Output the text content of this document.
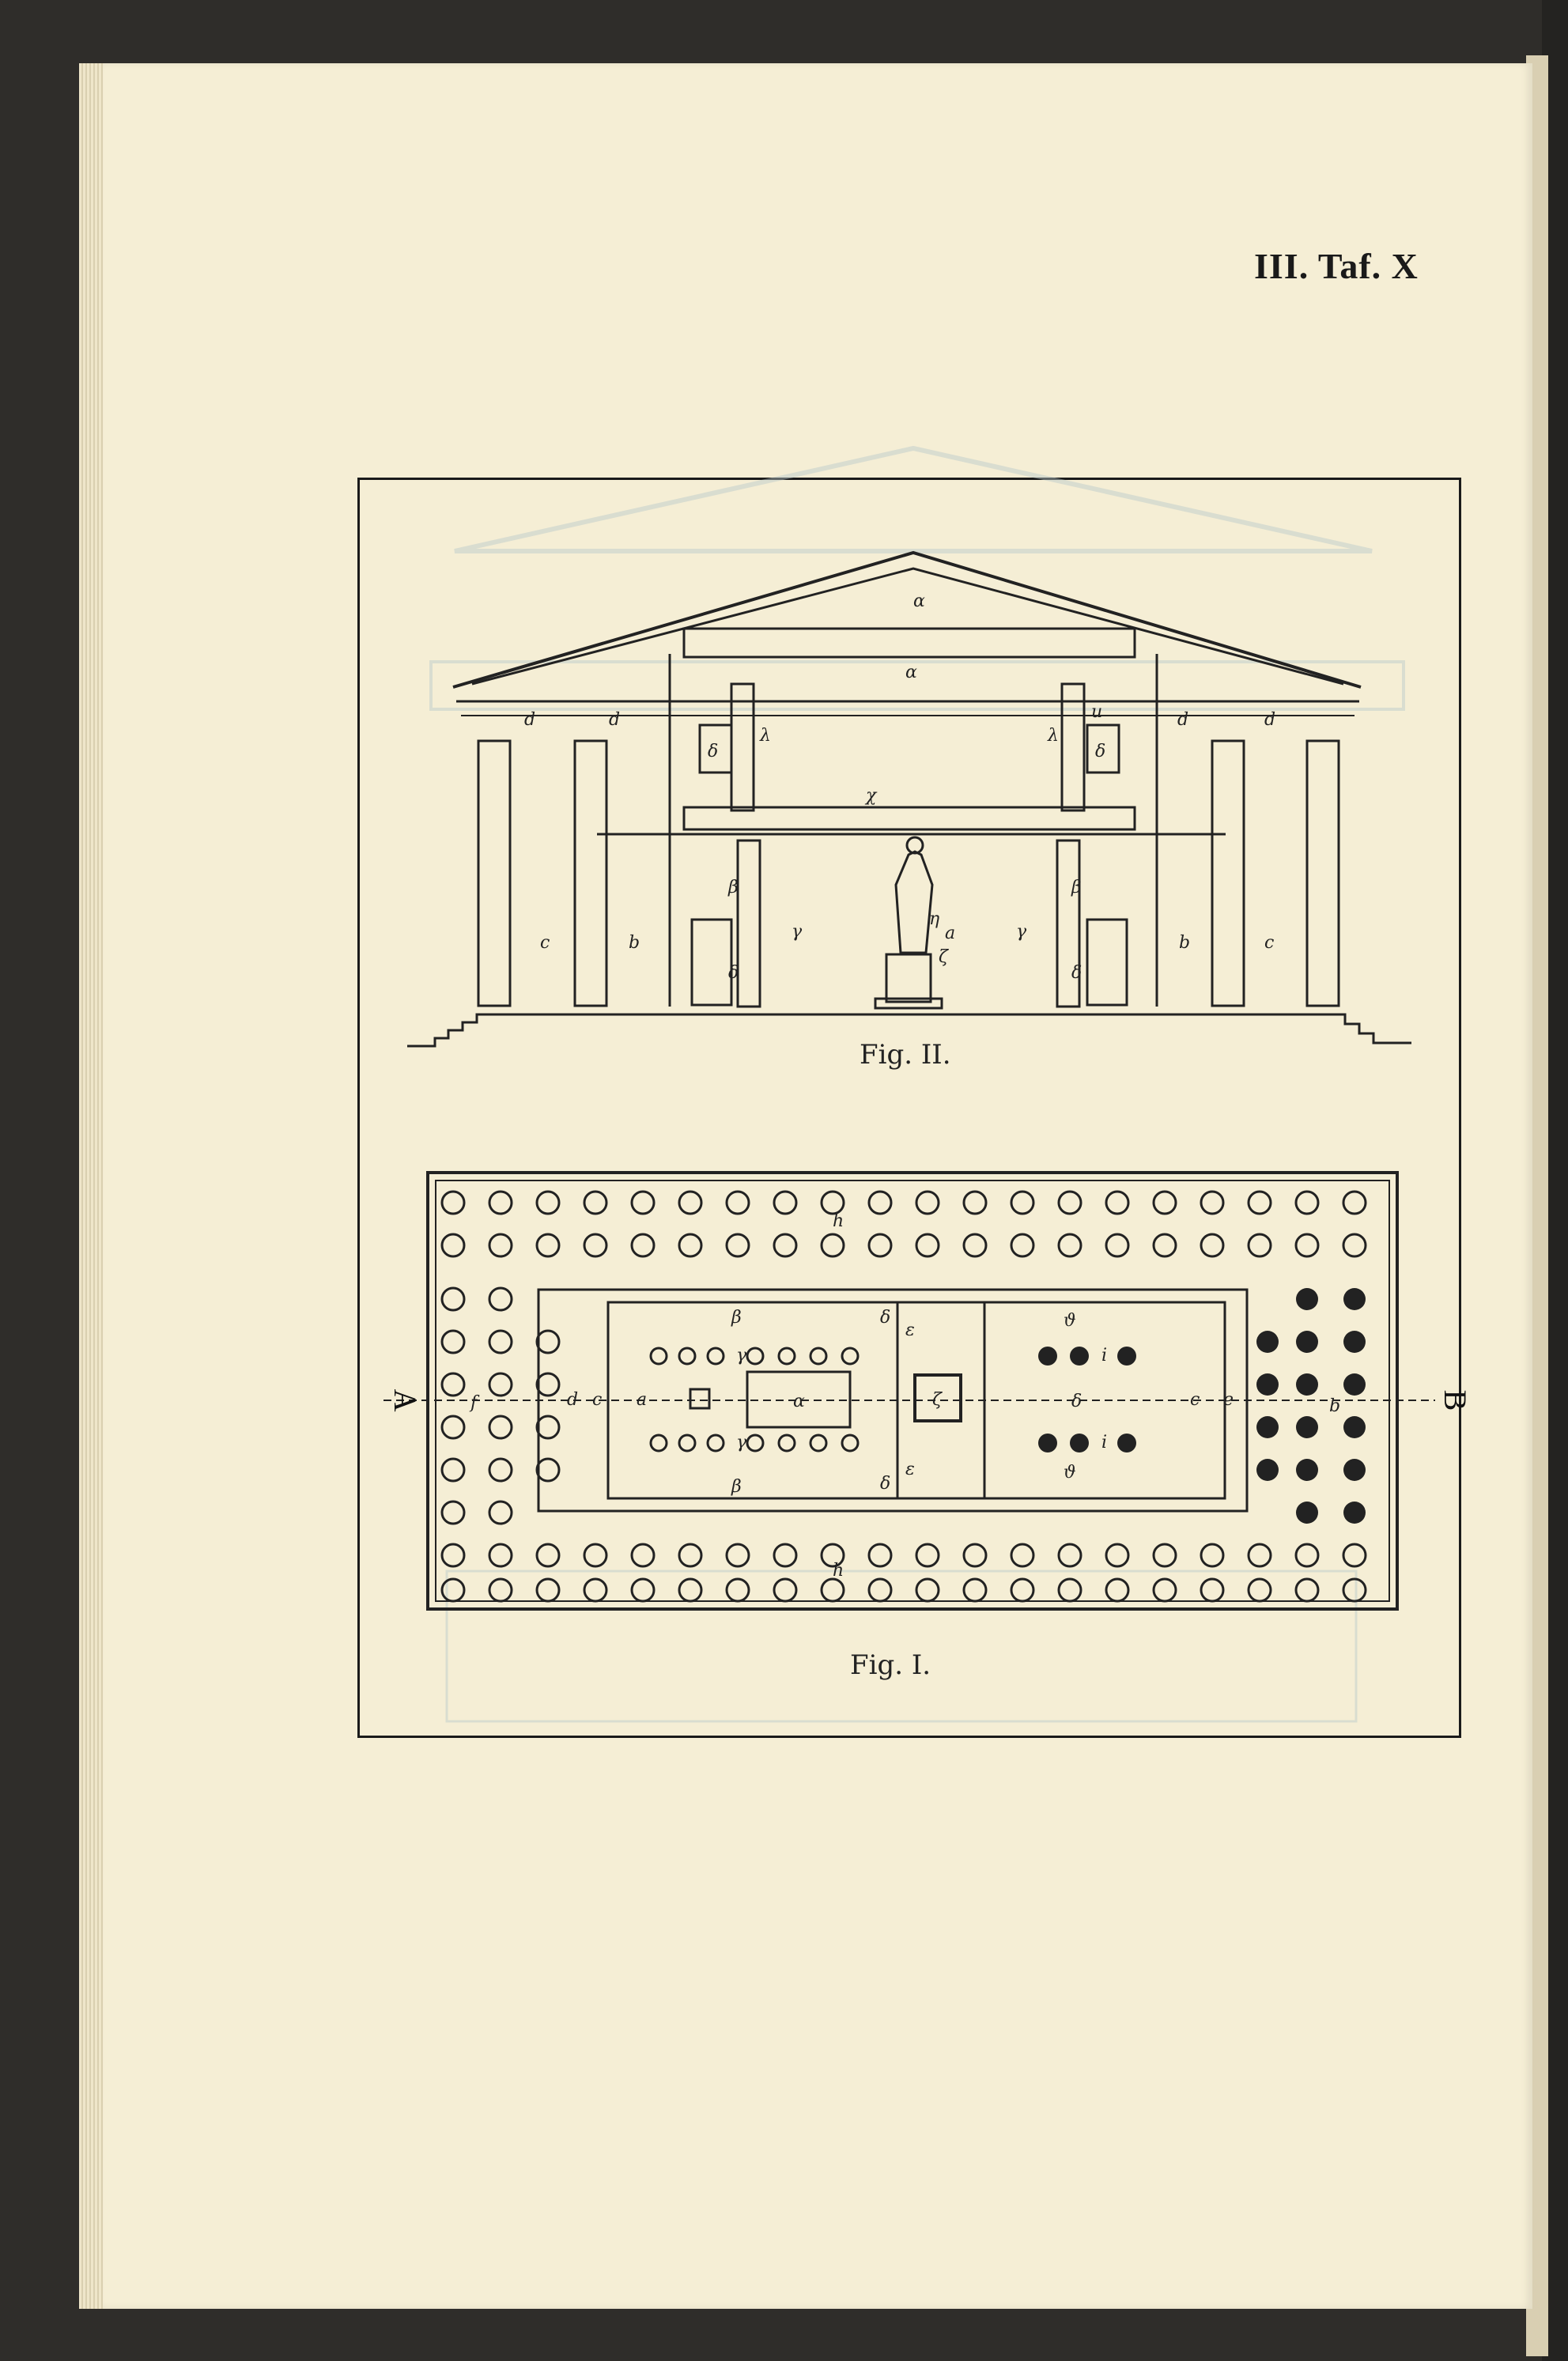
III. Taf. X
α
α
u
δ	δ
λ	λ
χ
d	d	d	d
β	β
γ	γ
a
η
ζ
δ	δ
c	b	b	c
Fig. II.
h
h
β
β
γ
γ
α
δ
δ
ε
ε
ζ
ϑ
ϑ
i
i
δ
d c a	c e
f	b
A	B
Fig. I.
